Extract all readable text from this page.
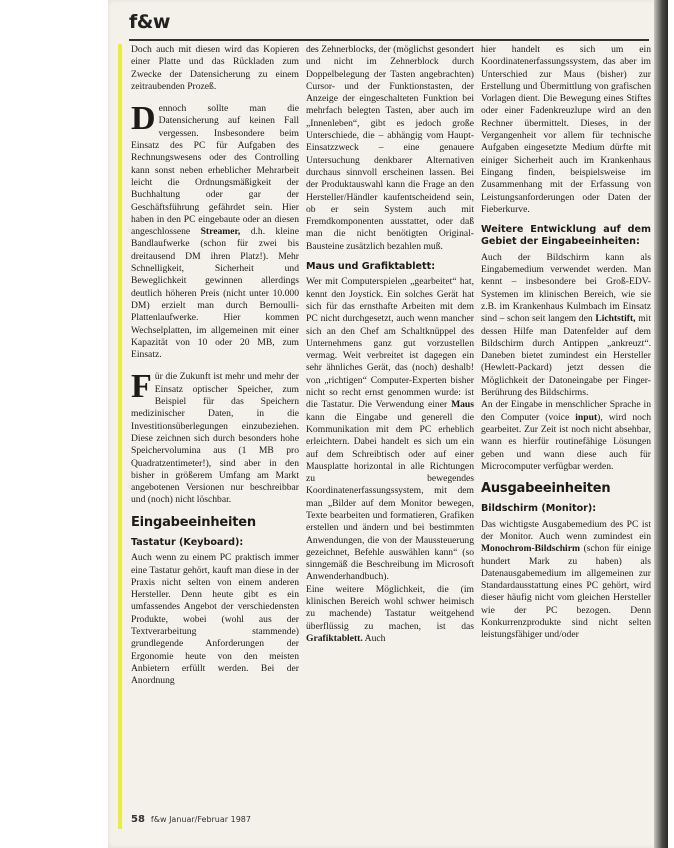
f&w

Doch auch mit diesen wird das Kopieren einer Platte und das Rückladen zum Zwecke der Datensicherung zu einem zeitraubenden Prozeß.

Dennoch sollte man die Datensicherung auf keinen Fall vergessen. Insbesondere beim Einsatz des PC für Aufgaben des Rechnungswesens oder des Controlling kann sonst neben erheblicher Mehrarbeit leicht die Ordnungsmäßigkeit der Buchhaltung oder gar der Geschäftsführung gefährdet sein. Hier haben in den PC eingebaute oder an diesen angeschlossene Streamer, d.h. kleine Bandlaufwerke (schon für zwei bis dreitausend DM ihren Platz!). Mehr Schnelligkeit, Sicherheit und Beweglichkeit gewinnen allerdings deutlich höheren Preis (nicht unter 10.000 DM) erzielt man durch Bernoulli-Plattenlaufwerke. Hier kommen Wechselplatten, im allgemeinen mit einer Kapazität von 10 oder 20 MB, zum Einsatz.

Für die Zukunft ist mehr und mehr der Einsatz optischer Speicher, zum Beispiel für das Speichern medizinischer Daten, in die Investitionsüberlegungen einzubeziehen. Diese zeichnen sich durch besonders hohe Speichervolumina aus (1 MB pro Quadratzentimeter!), sind aber in den bisher in größerem Umfang am Markt angebotenen Versionen nur beschreibbar und (noch) nicht löschbar.

Eingabeeinheiten
Tastatur (Keyboard):

Auch wenn zu einem PC praktisch immer eine Tastatur gehört, kauft man diese in der Praxis nicht selten von einem anderen Hersteller. Denn heute gibt es ein umfassendes Angebot der verschiedensten Produkte, wobei (wohl aus der Textverarbeitung stammende) grundlegende Anforderungen der Ergonomie heute von den meisten Anbietern erfüllt werden. Bei der Anordnung

des Zehnerblocks, der (möglichst gesondert und nicht im Zehnerblock durch Doppelbelegung der Tasten angebrachten) Cursor- und der Funktionstasten, der Anzeige der eingeschalteten Funktion bei mehrfach belegten Tasten, aber auch im „Innenleben“, gibt es jedoch große Unterschiede, die – abhängig vom Haupt-Einsatzzweck – eine genauere Untersuchung denkbarer Alternativen durchaus sinnvoll erscheinen lassen. Bei der Produktauswahl kann die Frage an den Hersteller/Händler kaufentscheidend sein, ob er sein System auch mit Fremdkomponenten ausstattet, oder daß man die nicht benötigten Original-Bausteine zusätzlich bezahlen muß.

Maus und Grafiktablett:

Wer mit Computerspielen „gearbeitet“ hat, kennt den Joystick. Ein solches Gerät hat sich für das ernsthafte Arbeiten mit dem PC nicht durchgesetzt, auch wenn mancher sich an den Chef am Schaltknüppel des Unternehmens ganz gut vorzustellen vermag. Weit verbreitet ist dagegen ein sehr ähnliches Gerät, das (noch) deshalb! von „richtigen“ Computer-Experten bisher nicht so recht ernst genommen wurde: ist die Tastatur. Die Verwendung einer Maus kann die Eingabe und generell die Kommunikation mit dem PC erheblich erleichtern. Dabei handelt es sich um ein auf dem Schreibtisch oder auf einer Mausplatte horizontal in alle Richtungen zu bewegendes Koordinatenerfassungssystem, mit dem man „Bilder auf dem Monitor bewegen, Texte bearbeiten und formatieren, Grafiken erstellen und ändern und bei bestimmten Anwendungen, die von der Maussteuerung gezeichnet, Befehle auswählen kann“ (so sinngemäß die Beschreibung im Microsoft Anwenderhandbuch).

Eine weitere Möglichkeit, die (im klinischen Bereich wohl schwer heimisch zu machende) Tastatur weitgehend überflüssig zu machen, ist das Grafiktablett. Auch

hier handelt es sich um ein Koordinatenerfassungssystem, das aber im Unterschied zur Maus (bisher) zur Erstellung und Übermittlung von grafischen Vorlagen dient. Die Bewegung eines Stiftes oder einer Fadenkreuzlupe wird an den Rechner übermittelt. Dieses, in der Vergangenheit vor allem für technische Aufgaben eingesetzte Medium dürfte mit einiger Sicherheit auch im Krankenhaus Eingang finden, beispielsweise im Zusammenhang mit der Erfassung von Leistungsanforderungen oder Daten der Fieberkurve.

Weitere Entwicklung auf dem Gebiet der Eingabeeinheiten:

Auch der Bildschirm kann als Eingabemedium verwendet werden. Man kennt – insbesondere bei Groß-EDV-Systemen im klinischen Bereich, wie sie z.B. im Krankenhaus Kulmbach im Einsatz sind – schon seit langem den Lichtstift, mit dessen Hilfe man Datenfelder auf dem Bildschirm durch Antippen „ankreuzt“. Daneben bietet zumindest ein Hersteller (Hewlett-Packard) jetzt dessen die Möglichkeit der Datoneingabe per Finger-Berührung des Bildschirms.

An der Eingabe in menschlicher Sprache in den Computer (voice input), wird noch gearbeitet. Zur Zeit ist noch nicht absehbar, wann es hierfür routinefähige Lösungen geben und wann diese auch für Microcomputer verfügbar werden.

Ausgabeeinheiten
Bildschirm (Monitor):

Das wichtigste Ausgabemedium des PC ist der Monitor. Auch wenn zumindest ein Monochrom-Bildschirm (schon für einige hundert Mark zu haben) als Datenausgabemedium im allgemeinen zur Standardausstattung eines PC gehört, wird dieser häufig nicht vom gleichen Hersteller wie der PC bezogen. Denn Konkurrenzprodukte sind nicht selten leistungsfähiger und/oder

58 f&w Januar/Februar 1987
